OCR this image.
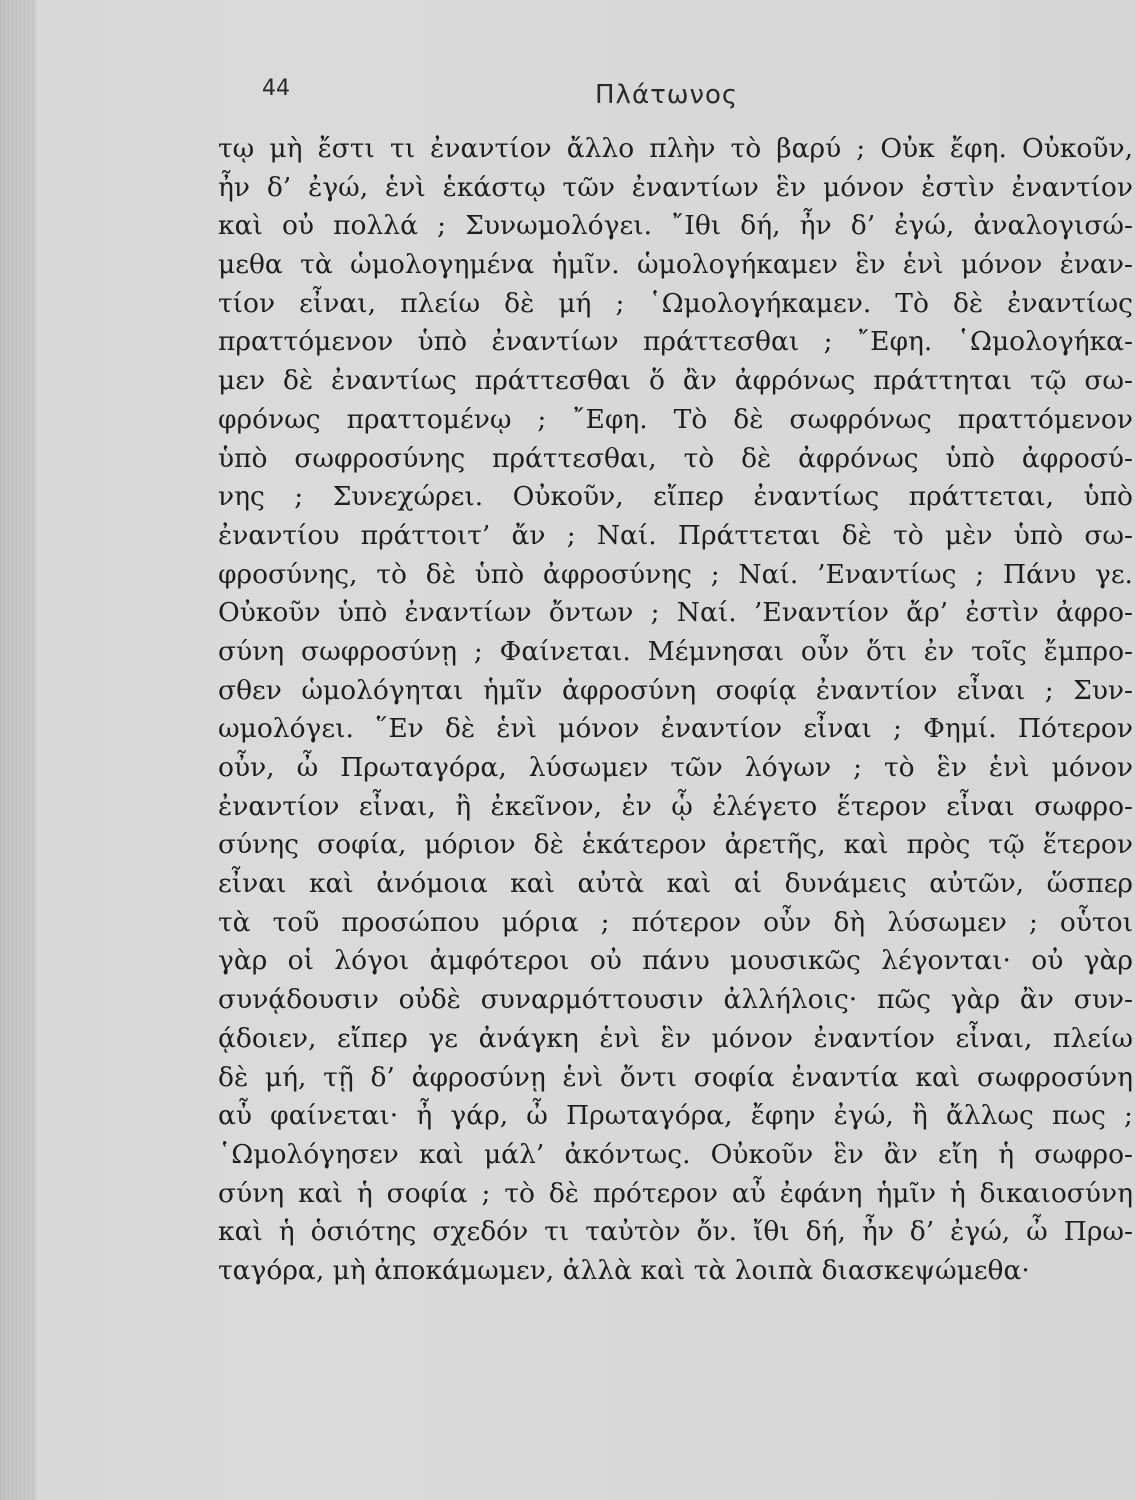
44	Πλάτωνος
τῳ μὴ ἔστι τι ἐναντίον ἄλλο πλὴν τὸ βαρύ ; Οὐκ ἔφη. Οὐκοῦν,
ἦν δ’ ἐγώ, ἑνὶ ἑκάστῳ τῶν ἐναντίων ἓν μόνον ἐστὶν ἐναντίον
καὶ οὐ πολλά ; Συνωμολόγει. ῎Ιθι δή, ἦν δ’ ἐγώ, ἀναλογισώ-
μεθα τὰ ὡμολογημένα ἡμῖν. ὡμολογήκαμεν ἓν ἑνὶ μόνον ἐναν-
τίον εἶναι, πλείω δὲ μή ; ῾Ωμολογήκαμεν. Τὸ δὲ ἐναντίως
πραττόμενον ὑπὸ ἐναντίων πράττεσθαι ; ῎Εφη. ῾Ωμολογήκα-
μεν δὲ ἐναντίως πράττεσθαι ὅ ἂν ἀφρόνως πράττηται τῷ σω-
φρόνως πραττομένῳ ; ῎Εφη. Τὸ δὲ σωφρόνως πραττόμενον
ὑπὸ σωφροσύνης πράττεσθαι, τὸ δὲ ἀφρόνως ὑπὸ ἀφροσύ-
νης ; Συνεχώρει. Οὐκοῦν, εἴπερ ἐναντίως πράττεται, ὑπὸ
ἐναντίου πράττοιτ’ ἄν ; Ναί. Πράττεται δὲ τὸ μὲν ὑπὸ σω-
φροσύνης, τὸ δὲ ὑπὸ ἀφροσύνης ; Ναί. ’Εναντίως ; Πάνυ γε.
Οὐκοῦν ὑπὸ ἐναντίων ὄντων ; Ναί. ’Εναντίον ἄρ’ ἐστὶν ἀφρο-
σύνη σωφροσύνῃ ; Φαίνεται. Μέμνησαι οὖν ὅτι ἐν τοῖς ἔμπρο-
σθεν ὡμολόγηται ἡμῖν ἀφροσύνη σοφίᾳ ἐναντίον εἶναι ; Συν-
ωμολόγει. ῞Εν δὲ ἑνὶ μόνον ἐναντίον εἶναι ; Φημί. Πότερον
οὖν, ὦ Πρωταγόρα, λύσωμεν τῶν λόγων ; τὸ ἓν ἑνὶ μόνον
ἐναντίον εἶναι, ἢ ἐκεῖνον, ἐν ᾧ ἐλέγετο ἕτερον εἶναι σωφρο-
σύνης σοφία, μόριον δὲ ἑκάτερον ἀρετῆς, καὶ πρὸς τῷ ἕτερον
εἶναι καὶ ἀνόμοια καὶ αὐτὰ καὶ αἱ δυνάμεις αὐτῶν, ὥσπερ
τὰ τοῦ προσώπου μόρια ; πότερον οὖν δὴ λύσωμεν ; οὗτοι
γὰρ οἱ λόγοι ἀμφότεροι οὐ πάνυ μουσικῶς λέγονται· οὐ γὰρ
συνᾴδουσιν οὐδὲ συναρμόττουσιν ἀλλήλοις· πῶς γὰρ ἂν συν-
ᾴδοιεν, εἴπερ γε ἀνάγκη ἑνὶ ἓν μόνον ἐναντίον εἶναι, πλείω
δὲ μή, τῇ δ’ ἀφροσύνῃ ἑνὶ ὄντι σοφία ἐναντία καὶ σωφροσύνη
αὖ φαίνεται· ἦ γάρ, ὦ Πρωταγόρα, ἔφην ἐγώ, ἢ ἄλλως πως ;
῾Ωμολόγησεν καὶ μάλ’ ἀκόντως. Οὐκοῦν ἓν ἂν εἴη ἡ σωφρο-
σύνη καὶ ἡ σοφία ; τὸ δὲ πρότερον αὖ ἐφάνη ἡμῖν ἡ δικαιοσύνη
καὶ ἡ ὁσιότης σχεδόν τι ταὐτὸν ὄν. ἴθι δή, ἦν δ’ ἐγώ, ὦ Πρω-
ταγόρα, μὴ ἀποκάμωμεν, ἀλλὰ καὶ τὰ λοιπὰ διασκεψώμεθα·
